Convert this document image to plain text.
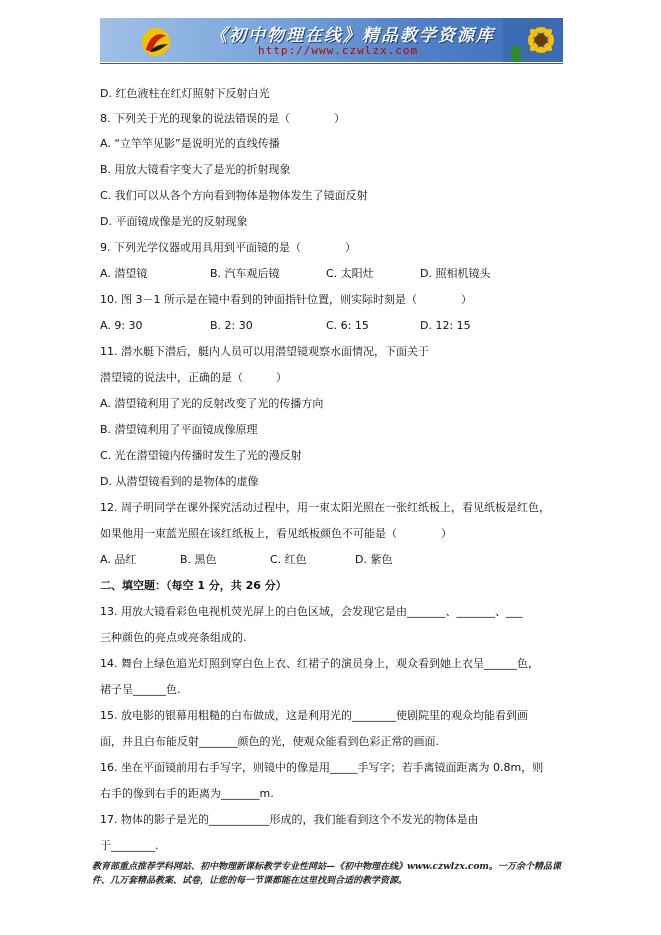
《初中物理在线》精品教学资源库
http://www.czwlzx.com
D. 红色液柱在红灯照射下反射白光
8. 下列关于光的现象的说法错误的是（　　　　）
A. “立竿竿见影”是说明光的直线传播
B. 用放大镜看字变大了是光的折射现象
C. 我们可以从各个方向看到物体是物体发生了镜面反射
D. 平面镜成像是光的反射现象
9. 下列光学仪器或用具用到平面镜的是（　　　　）
A. 潜望镜	B. 汽车观后镜	C. 太阳灶	D. 照相机镜头
10. 图 3－1 所示是在镜中看到的钟面指针位置，则实际时刻是（　　　　）
A. 9: 30	B. 2: 30	C. 6: 15	D. 12: 15
11. 潜水艇下潜后，艇内人员可以用潜望镜观察水面情况，下面关于
潜望镜的说法中，正确的是（　　　）
A. 潜望镜利用了光的反射改变了光的传播方向
B. 潜望镜利用了平面镜成像原理
C. 光在潜望镜内传播时发生了光的漫反射
D. 从潜望镜看到的是物体的虚像
12. 周子明同学在课外探究活动过程中，用一束太阳光照在一张红纸板上，看见纸板是红色，
如果他用一束蓝光照在该红纸板上，看见纸板颜色不可能是（　　　　）
A. 品红	B. 黑色	C. 红色	D. 紫色
二、填空题：（每空 1 分，共 26 分）
13. 用放大镜看彩色电视机荧光屏上的白色区域，会发现它是由_______、_______、___
三种颜色的亮点或亮条组成的.
14. 舞台上绿色追光灯照到穿白色上衣、红裙子的演员身上，观众看到她上衣呈______色，
裙子呈______色.
15. 放电影的银幕用粗糙的白布做成，这是利用光的________使剧院里的观众均能看到画
面，并且白布能反射_______颜色的光，使观众能看到色彩正常的画面.
16. 坐在平面镜前用右手写字，则镜中的像是用_____手写字；若手离镜面距离为 0.8m，则
右手的像到右手的距离为_______m.
17. 物体的影子是光的___________形成的，我们能看到这个不发光的物体是由
于________.
教育部重点推荐学科网站、初中物理新课标教学专业性网站—《初中物理在线》www.czwlzx.com。一万余个精品课件、几万套精品教案、试卷，让您的每一节课都能在这里找到合适的教学资源。
